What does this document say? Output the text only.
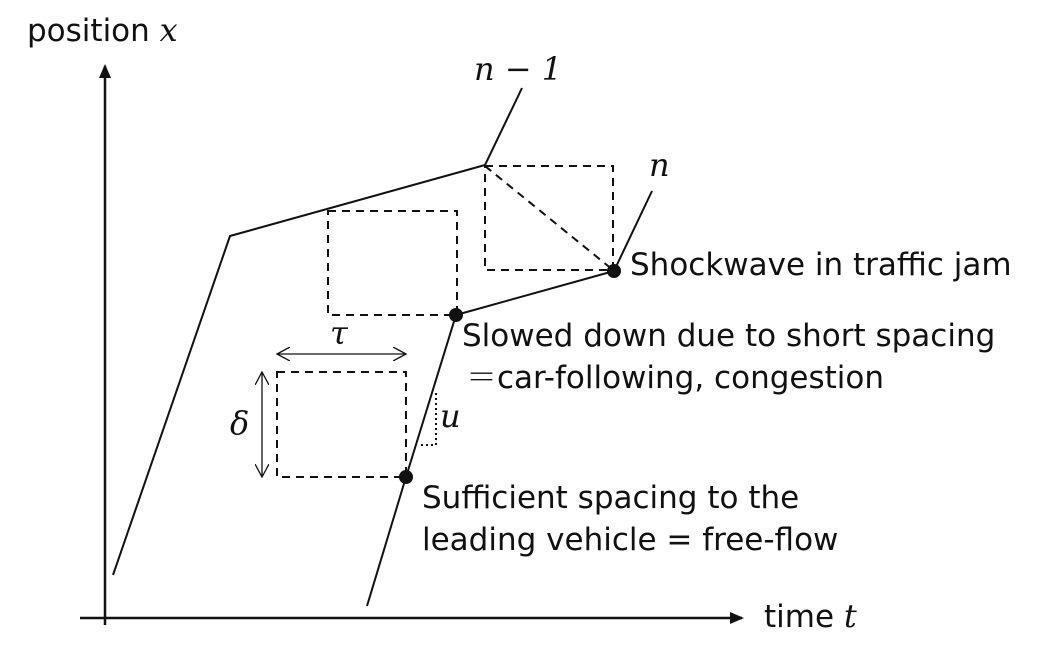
position x
time t
n − 1
n
u
τ
δ
Shockwave in traffic jam
Slowed down due to short spacing
＝car-following, congestion
Sufficient spacing to the
leading vehicle = free-flow
